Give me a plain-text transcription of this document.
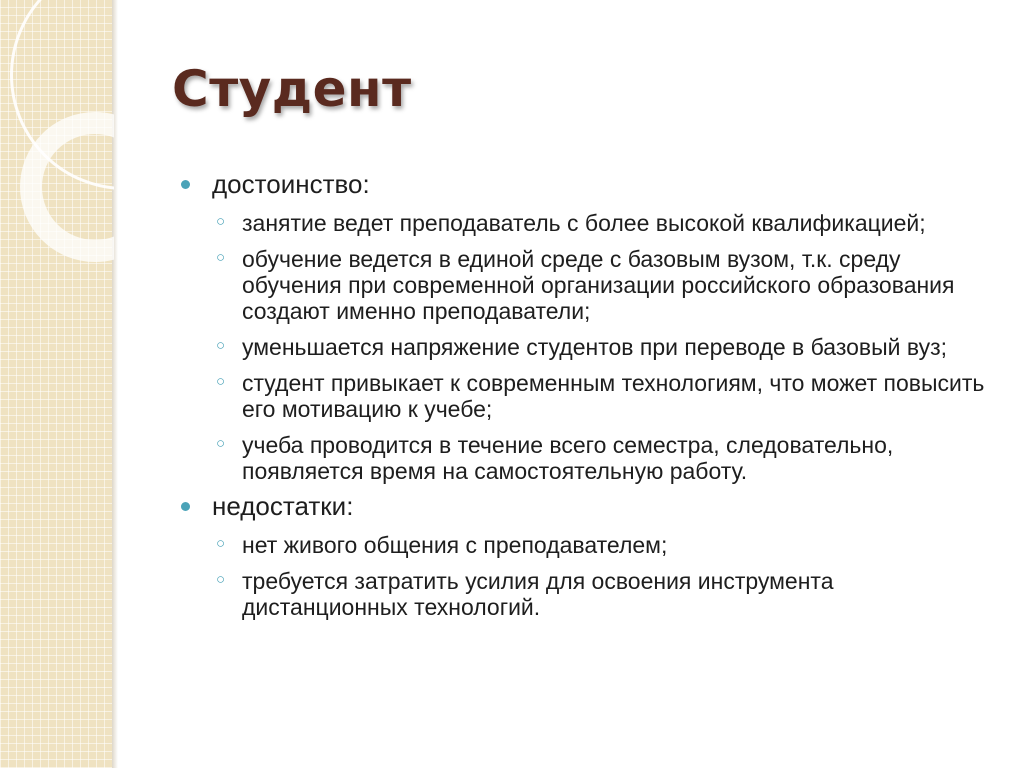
Студент
достоинство:
○ занятие ведет преподаватель с более высокой квалификацией;
○ обучение ведется в единой среде с базовым вузом, т.к. среду обучения при современной организации российского образования создают именно преподаватели;
○ уменьшается напряжение студентов при переводе в базовый вуз;
○ студент привыкает к современным технологиям, что может повысить его мотивацию к учебе;
○ учеба проводится в течение всего семестра, следовательно, появляется время на самостоятельную работу.
недостатки:
○ нет живого общения с преподавателем;
○ требуется затратить усилия для освоения инструмента дистанционных технологий.
